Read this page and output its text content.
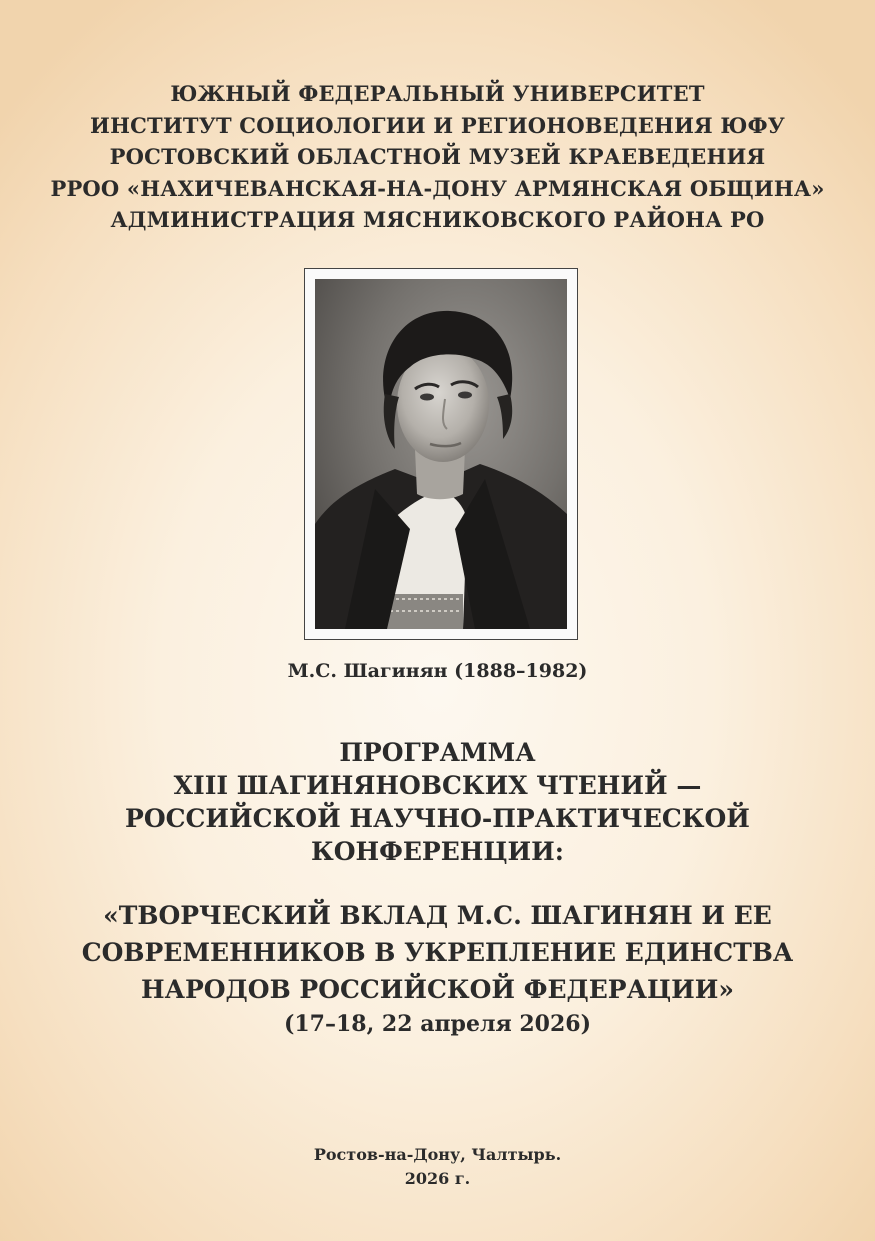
ЮЖНЫЙ ФЕДЕРАЛЬНЫЙ УНИВЕРСИТЕТ
ИНСТИТУТ СОЦИОЛОГИИ И РЕГИОНОВЕДЕНИЯ ЮФУ
РОСТОВСКИЙ ОБЛАСТНОЙ МУЗЕЙ КРАЕВЕДЕНИЯ
РРОО «НАХИЧЕВАНСКАЯ-НА-ДОНУ АРМЯНСКАЯ ОБЩИНА»
АДМИНИСТРАЦИЯ МЯСНИКОВСКОГО РАЙОНА РО
М.С. Шагинян (1888–1982)
ПРОГРАММА
XIII ШАГИНЯНОВСКИХ ЧТЕНИЙ —
РОССИЙСКОЙ НАУЧНО-ПРАКТИЧЕСКОЙ
КОНФЕРЕНЦИИ:
«ТВОРЧЕСКИЙ ВКЛАД М.С. ШАГИНЯН И ЕЕ
СОВРЕМЕННИКОВ В УКРЕПЛЕНИЕ ЕДИНСТВА
НАРОДОВ РОССИЙСКОЙ ФЕДЕРАЦИИ»
(17–18, 22 апреля 2026)
Ростов-на-Дону, Чалтырь.
2026 г.
